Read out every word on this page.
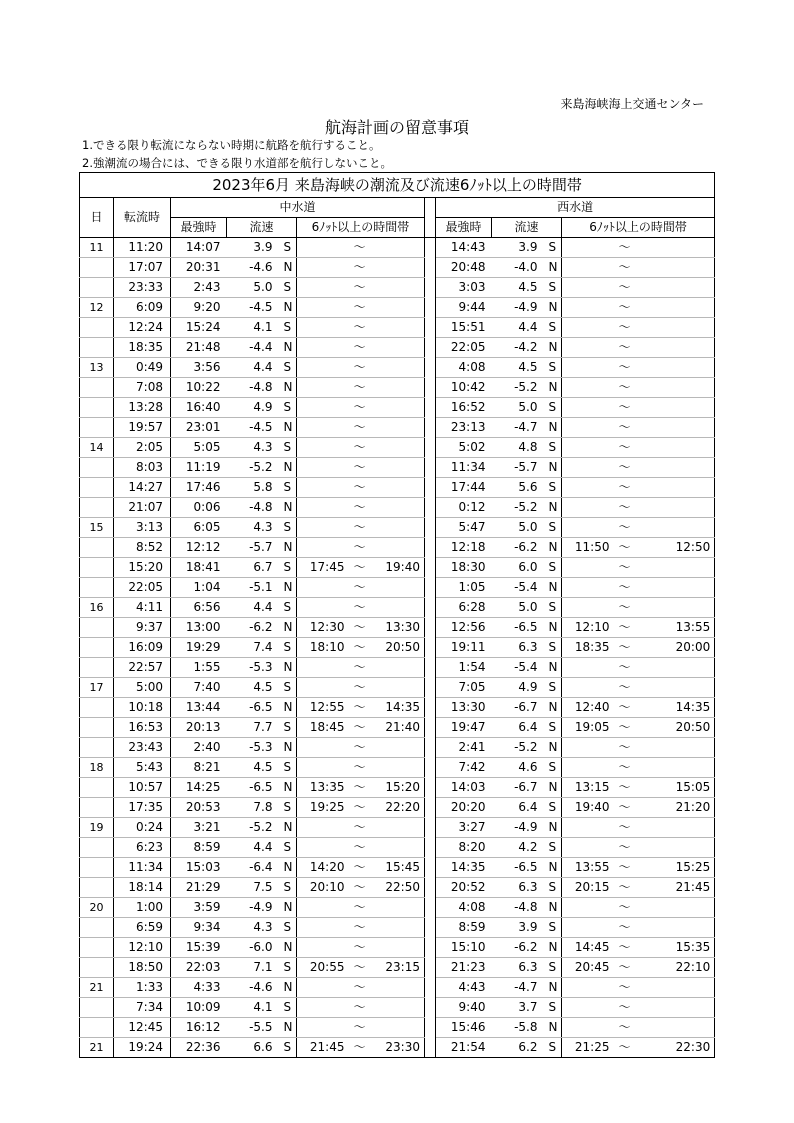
来島海峡海上交通センター
航海計画の留意事項
1.できる限り転流にならない時期に航路を航行すること。
2.強潮流の場合には、できる限り水道部を航行しないこと。
2023年6月 来島海峡の潮流及び流速6ﾉｯﾄ以上の時間帯														
日	転流時	中水道							西水道					
		最強時	流速		6ﾉｯﾄ以上の時間帯				最強時	流速		6ﾉｯﾄ以上の時間帯		
11	11:20	14:07	3.9	S		～			14:43	3.9	S		～	
	17:07	20:31	-4.6	N		～			20:48	-4.0	N		～	
	23:33	2:43	5.0	S		～			3:03	4.5	S		～	
12	6:09	9:20	-4.5	N		～			9:44	-4.9	N		～	
	12:24	15:24	4.1	S		～			15:51	4.4	S		～	
	18:35	21:48	-4.4	N		～			22:05	-4.2	N		～	
13	0:49	3:56	4.4	S		～			4:08	4.5	S		～	
	7:08	10:22	-4.8	N		～			10:42	-5.2	N		～	
	13:28	16:40	4.9	S		～			16:52	5.0	S		～	
	19:57	23:01	-4.5	N		～			23:13	-4.7	N		～	
14	2:05	5:05	4.3	S		～			5:02	4.8	S		～	
	8:03	11:19	-5.2	N		～			11:34	-5.7	N		～	
	14:27	17:46	5.8	S		～			17:44	5.6	S		～	
	21:07	0:06	-4.8	N		～			0:12	-5.2	N		～	
15	3:13	6:05	4.3	S		～			5:47	5.0	S		～	
	8:52	12:12	-5.7	N		～			12:18	-6.2	N	11:50	～	12:50
	15:20	18:41	6.7	S	17:45	～	19:40		18:30	6.0	S		～	
	22:05	1:04	-5.1	N		～			1:05	-5.4	N		～	
16	4:11	6:56	4.4	S		～			6:28	5.0	S		～	
	9:37	13:00	-6.2	N	12:30	～	13:30		12:56	-6.5	N	12:10	～	13:55
	16:09	19:29	7.4	S	18:10	～	20:50		19:11	6.3	S	18:35	～	20:00
	22:57	1:55	-5.3	N		～			1:54	-5.4	N		～	
17	5:00	7:40	4.5	S		～			7:05	4.9	S		～	
	10:18	13:44	-6.5	N	12:55	～	14:35		13:30	-6.7	N	12:40	～	14:35
	16:53	20:13	7.7	S	18:45	～	21:40		19:47	6.4	S	19:05	～	20:50
	23:43	2:40	-5.3	N		～			2:41	-5.2	N		～	
18	5:43	8:21	4.5	S		～			7:42	4.6	S		～	
	10:57	14:25	-6.5	N	13:35	～	15:20		14:03	-6.7	N	13:15	～	15:05
	17:35	20:53	7.8	S	19:25	～	22:20		20:20	6.4	S	19:40	～	21:20
19	0:24	3:21	-5.2	N		～			3:27	-4.9	N		～	
	6:23	8:59	4.4	S		～			8:20	4.2	S		～	
	11:34	15:03	-6.4	N	14:20	～	15:45		14:35	-6.5	N	13:55	～	15:25
	18:14	21:29	7.5	S	20:10	～	22:50		20:52	6.3	S	20:15	～	21:45
20	1:00	3:59	-4.9	N		～			4:08	-4.8	N		～	
	6:59	9:34	4.3	S		～			8:59	3.9	S		～	
	12:10	15:39	-6.0	N		～			15:10	-6.2	N	14:45	～	15:35
	18:50	22:03	7.1	S	20:55	～	23:15		21:23	6.3	S	20:45	～	22:10
21	1:33	4:33	-4.6	N		～			4:43	-4.7	N		～	
	7:34	10:09	4.1	S		～			9:40	3.7	S		～	
	12:45	16:12	-5.5	N		～			15:46	-5.8	N		～	
21	19:24	22:36	6.6	S	21:45	～	23:30		21:54	6.2	S	21:25	～	22:30
